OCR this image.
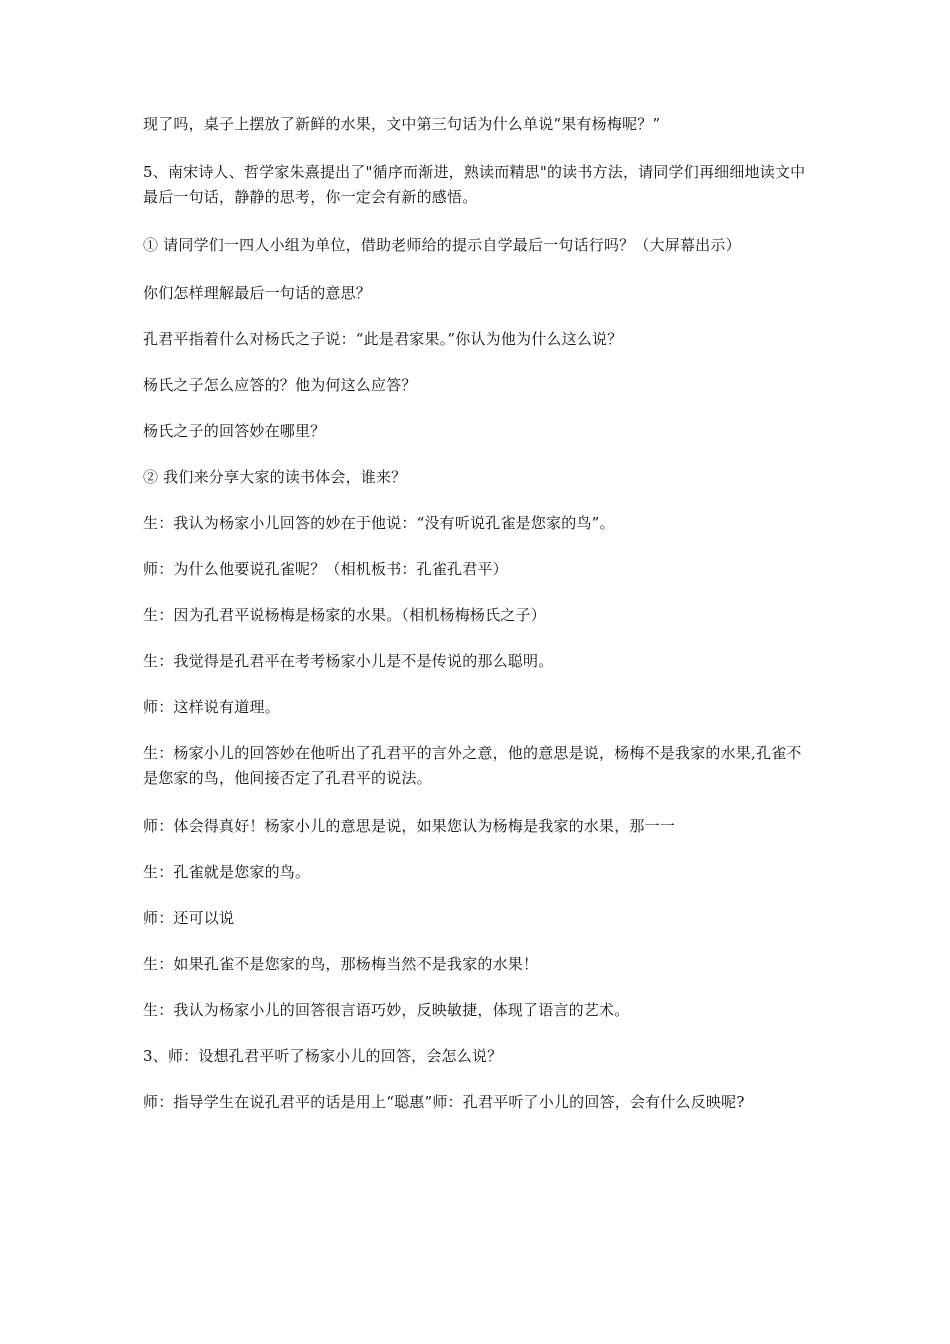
现了吗，桌子上摆放了新鲜的水果，文中第三句话为什么单说“果有杨梅呢？”

5、南宋诗人、哲学家朱熹提出了"循序而渐进，熟读而精思"的读书方法，请同学们再细细地读文中最后一句话，静静的思考，你一定会有新的感悟。

① 请同学们一四人小组为单位，借助老师给的提示自学最后一句话行吗？（大屏幕出示）

你们怎样理解最后一句话的意思？

孔君平指着什么对杨氏之子说：“此是君家果。”你认为他为什么这么说？

杨氏之子怎么应答的？他为何这么应答？

杨氏之子的回答妙在哪里？

② 我们来分享大家的读书体会，谁来？

生：我认为杨家小儿回答的妙在于他说：“没有听说孔雀是您家的鸟”。

师：为什么他要说孔雀呢？（相机板书：孔雀孔君平）

生：因为孔君平说杨梅是杨家的水果。（相机杨梅杨氏之子）

生：我觉得是孔君平在考考杨家小儿是不是传说的那么聪明。

师：这样说有道理。

生：杨家小儿的回答妙在他听出了孔君平的言外之意，他的意思是说，杨梅不是我家的水果,孔雀不是您家的鸟，他间接否定了孔君平的说法。

师：体会得真好！杨家小儿的意思是说，如果您认为杨梅是我家的水果，那一一

生：孔雀就是您家的鸟。

师：还可以说

生：如果孔雀不是您家的鸟，那杨梅当然不是我家的水果！

生：我认为杨家小儿的回答很言语巧妙，反映敏捷，体现了语言的艺术。

3、师：设想孔君平听了杨家小儿的回答，会怎么说？

师：指导学生在说孔君平的话是用上“聪惠”师：孔君平听了小儿的回答，会有什么反映呢?
